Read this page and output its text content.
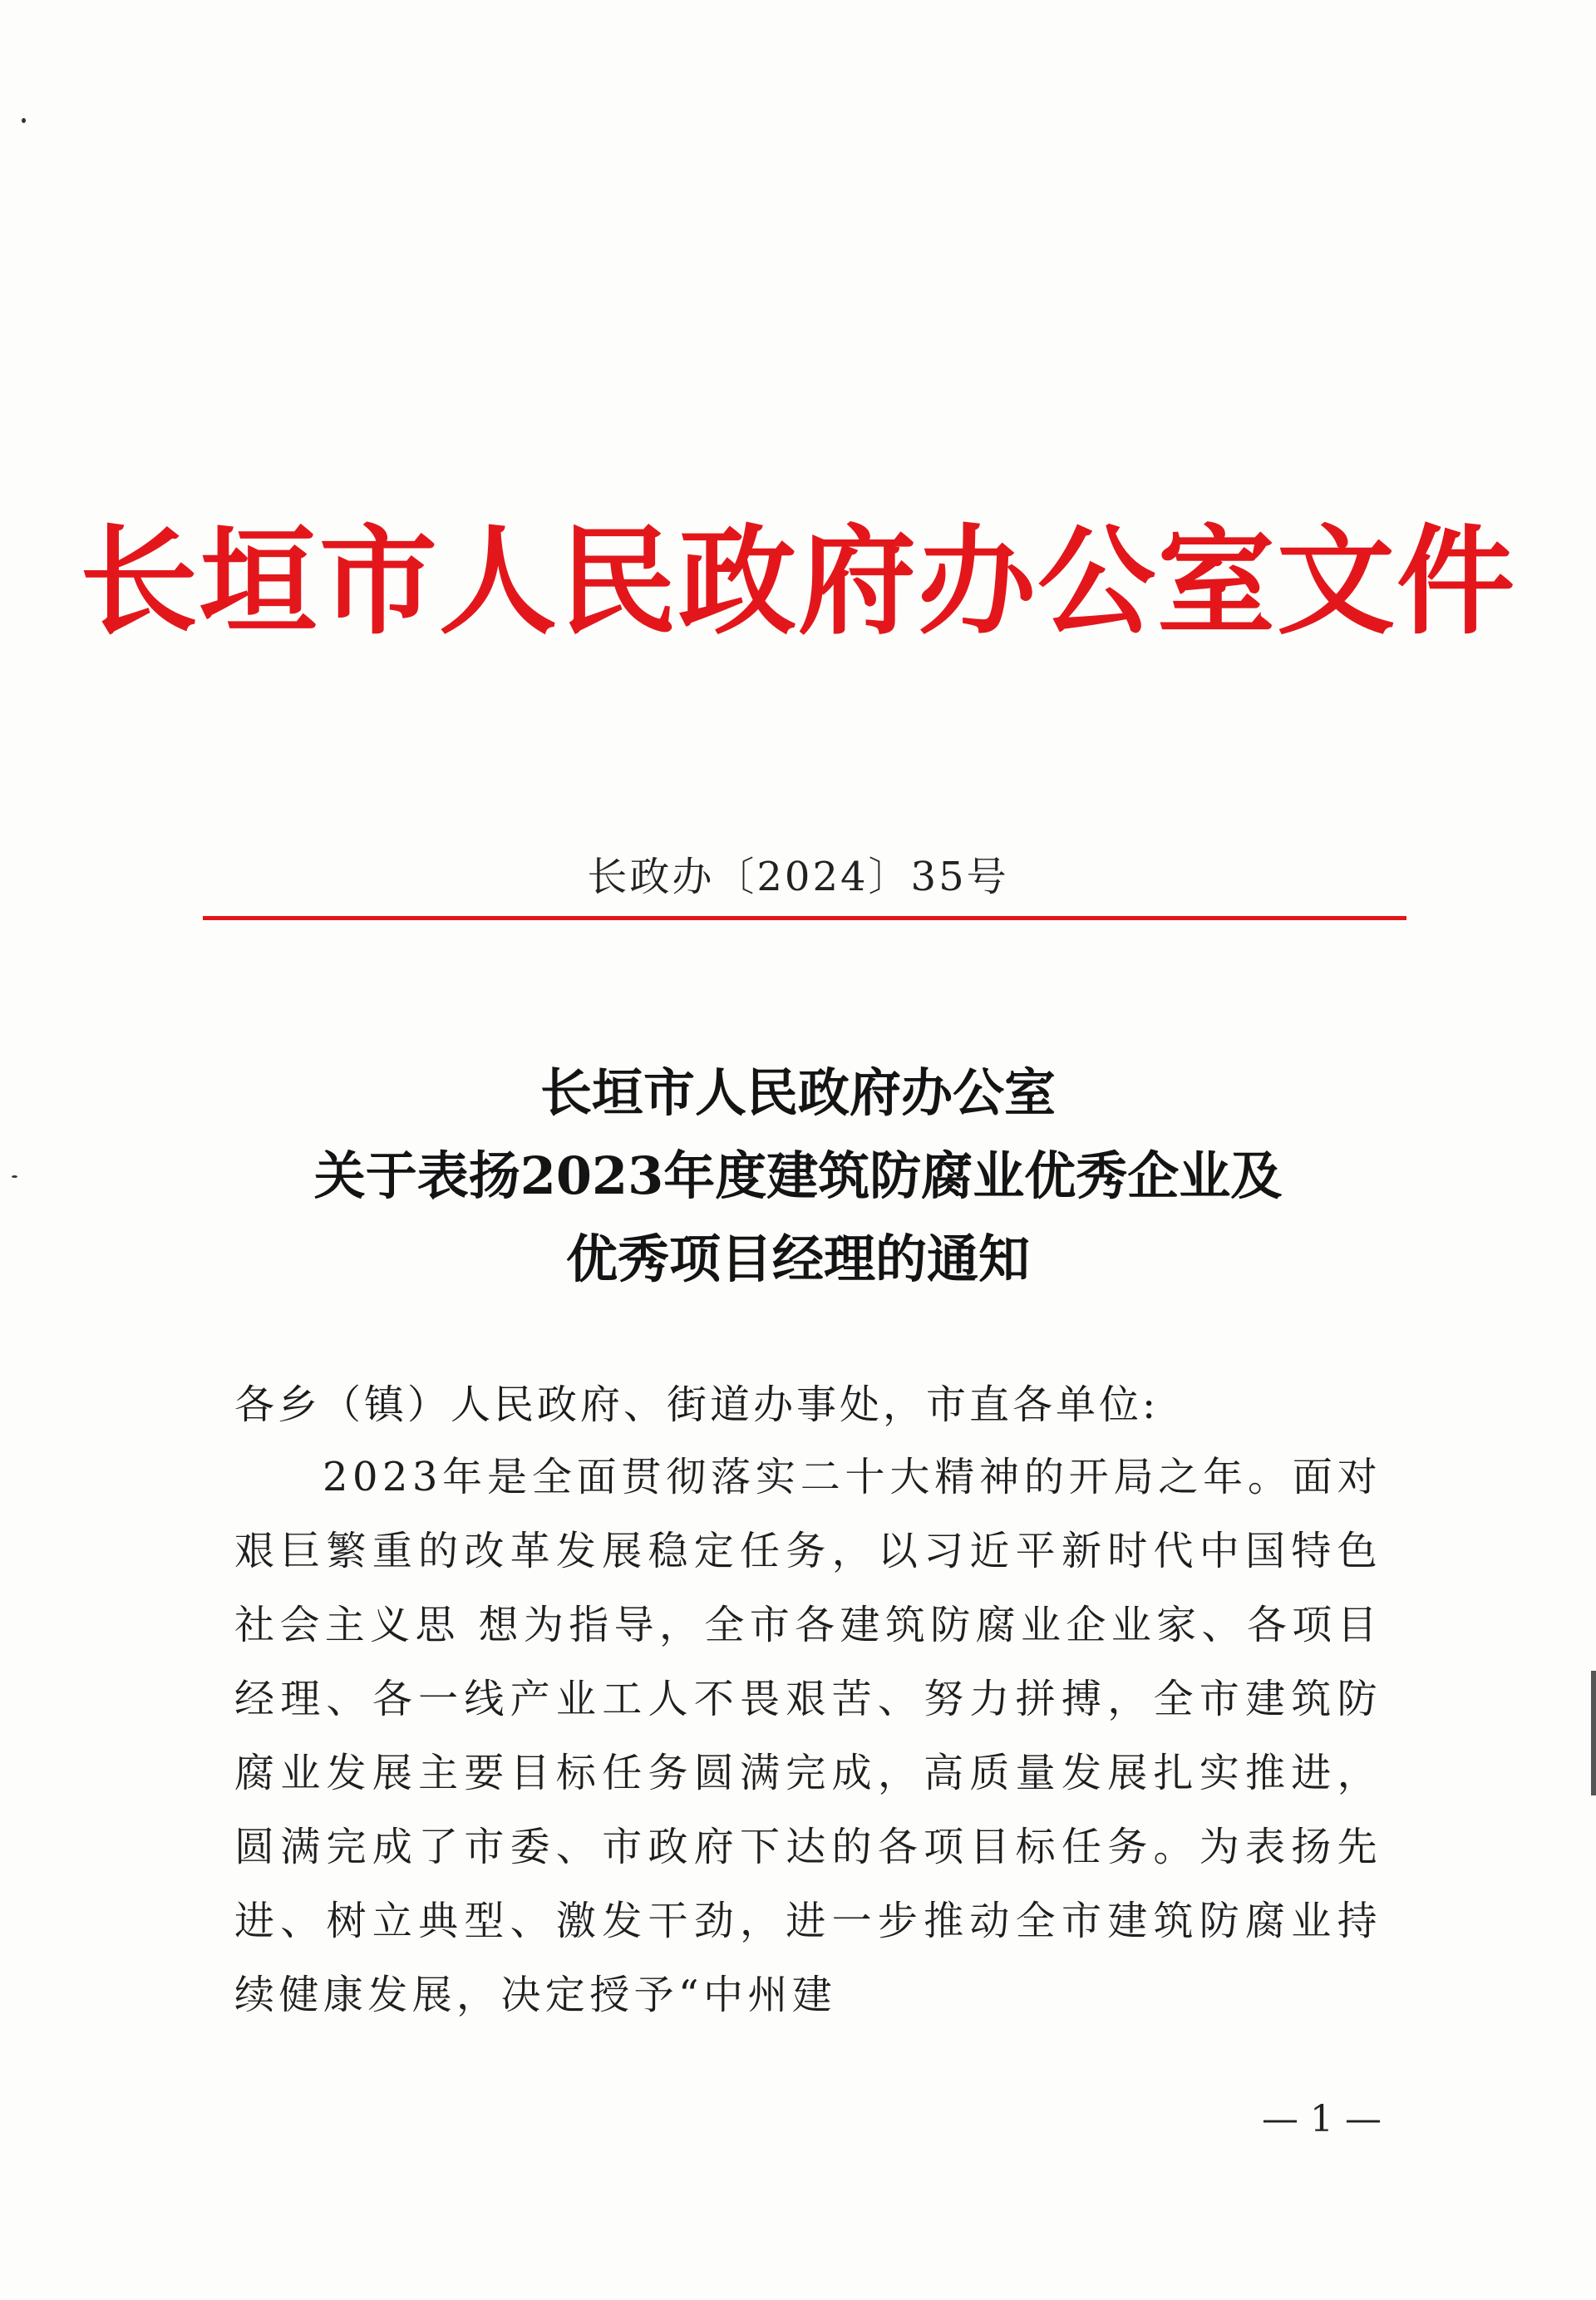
长垣市人民政府办公室文件
长政办〔2024〕35号
长垣市人民政府办公室
关于表扬2023年度建筑防腐业优秀企业及
优秀项目经理的通知
各乡（镇）人民政府、街道办事处，市直各单位:
2023年是全面贯彻落实二十大精神的开局之年。面对艰巨繁重的改革发展稳定任务，以习近平新时代中国特色社会主义思 想为指导，全市各建筑防腐业企业家、各项目经理、各一线产业工人不畏艰苦、努力拼搏，全市建筑防腐业发展主要目标任务圆满完成，高质量发展扎实推进，圆满完成了市委、市政府下达的各项目标任务。为表扬先进、树立典型、激发干劲，进一步推动全市建筑防腐业持续健康发展，决定授予“中州建
— 1 —
